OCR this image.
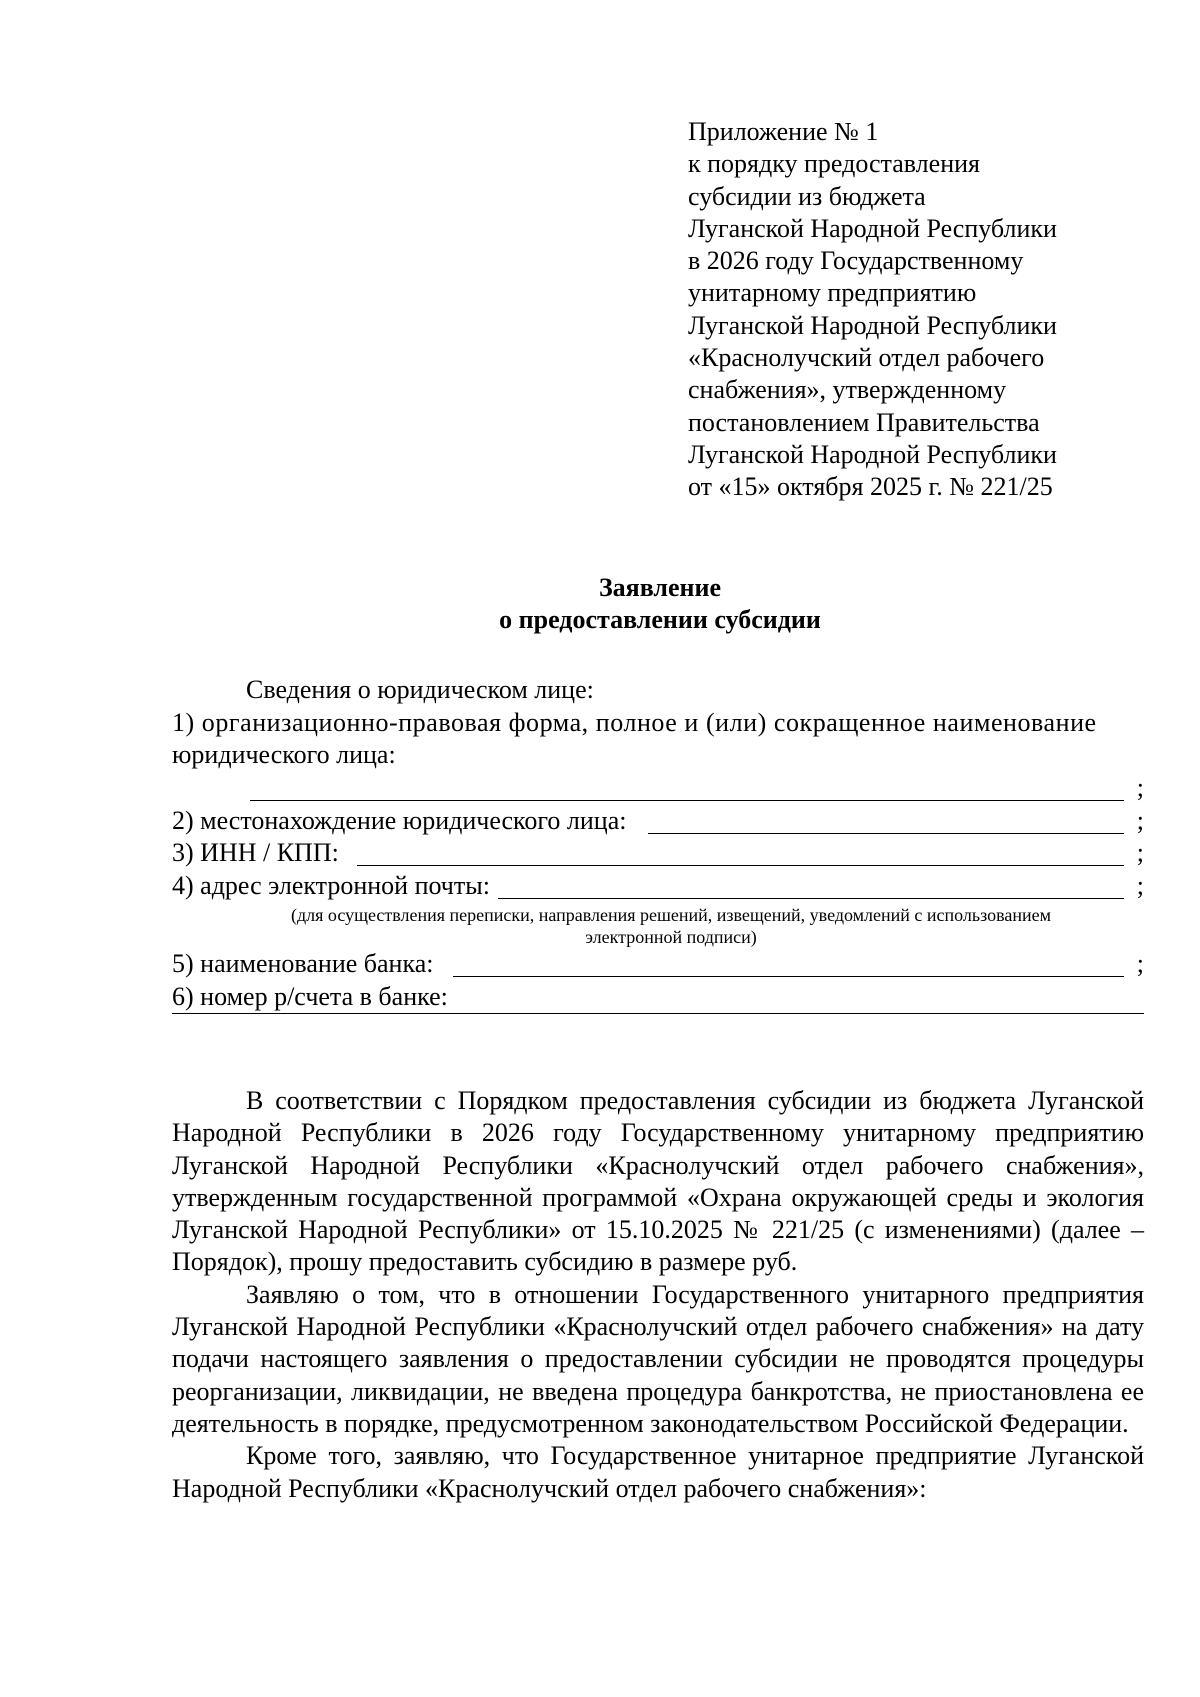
Приложение № 1
к порядку предоставления
субсидии из бюджета
Луганской Народной Республики
в 2026 году Государственному
унитарному предприятию
Луганской Народной Республики
«Краснолучский отдел рабочего
снабжения», утвержденному
постановлением Правительства
Луганской Народной Республики
от «15» октября 2025 г. № 221/25
Заявление
о предоставлении субсидии
Сведения о юридическом лице:
1) организационно-правовая форма, полное и (или) сокращенное наименование
юридического лица:
;
2) местонахождение юридического лица:	;
3) ИНН / КПП:	;
4) адрес электронной почты:	;
(для осуществления переписки, направления решений, извещений, уведомлений с использованием
электронной подписи)
5) наименование банка:	;
6) номер р/счета в банке:

В соответствии с Порядком предоставления субсидии из бюджета Луганской Народной Республики в 2026 году Государственному унитарному предприятию Луганской Народной Республики «Краснолучский отдел рабочего снабжения», утвержденным государственной программой «Охрана окружающей среды и экология Луганской Народной Республики» от 15.10.2025 № 221/25 (с изменениями) (далее – Порядок), прошу предоставить субсидию в размере руб.

Заявляю о том, что в отношении Государственного унитарного предприятия Луганской Народной Республики «Краснолучский отдел рабочего снабжения» на дату подачи настоящего заявления о предоставлении субсидии не проводятся процедуры реорганизации, ликвидации, не введена процедура банкротства, не приостановлена ее деятельность в порядке, предусмотренном законодательством Российской Федерации.

Кроме того, заявляю, что Государственное унитарное предприятие Луганской Народной Республики «Краснолучский отдел рабочего снабжения»:
